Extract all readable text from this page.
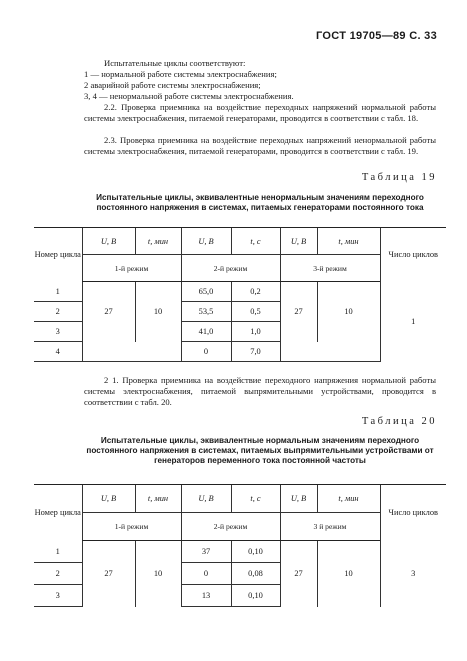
ГОСТ 19705—89 С. 33
Испытательные циклы соответствуют:
1 — нормальной работе системы электроснабжения;
2 аварийной работе системы электроснабжения;
3, 4 — ненормальной работе системы электроснабжения.

2.2. Проверка приемника на воздействие переходных напряжений нормальной работы системы электроснабжения, питаемой генераторами, проводится в соответствии с табл. 18.

2.3. Проверка приемника на воздействие переходных напряжений ненормальной работы системы электроснабжения, питаемой генераторами, проводится в соответствии с табл. 19.

Таблица 19
Испытательные циклы, эквивалентные ненормальным значениям переходного постоянного напряжения в системах, питаемых генераторами постоянного тока
Номер цикла	U, В	t, мин	U, В	t, с	U, В	t, мин	Число циклов
	1-й режим		2-й режим		3-й режим		
1	27	10	65,0	0,2	27	10	1
2			53,5	0,5			
3			41,0	1,0			
4			0	7,0			

2 1. Проверка приемника на воздействие переходного напряжения нормальной работы системы электроснабжения, питаемой выпрямительными устройствами, проводится в соответствии с табл. 20.

Таблица 20
Испытательные циклы, эквивалентные нормальным значениям переходного постоянного напряжения в системах, питаемых выпрямительными устройствами от генераторов переменного тока постоянной частоты
Номер цикла	U, В	t, мин	U, В	t, с	U, В	t, мин	Число циклов
	1-й режим		2-й режим		3 й режим		
1	27	10	37	0,10	27	10	3
2			0	0,08			
3			13	0,10			
